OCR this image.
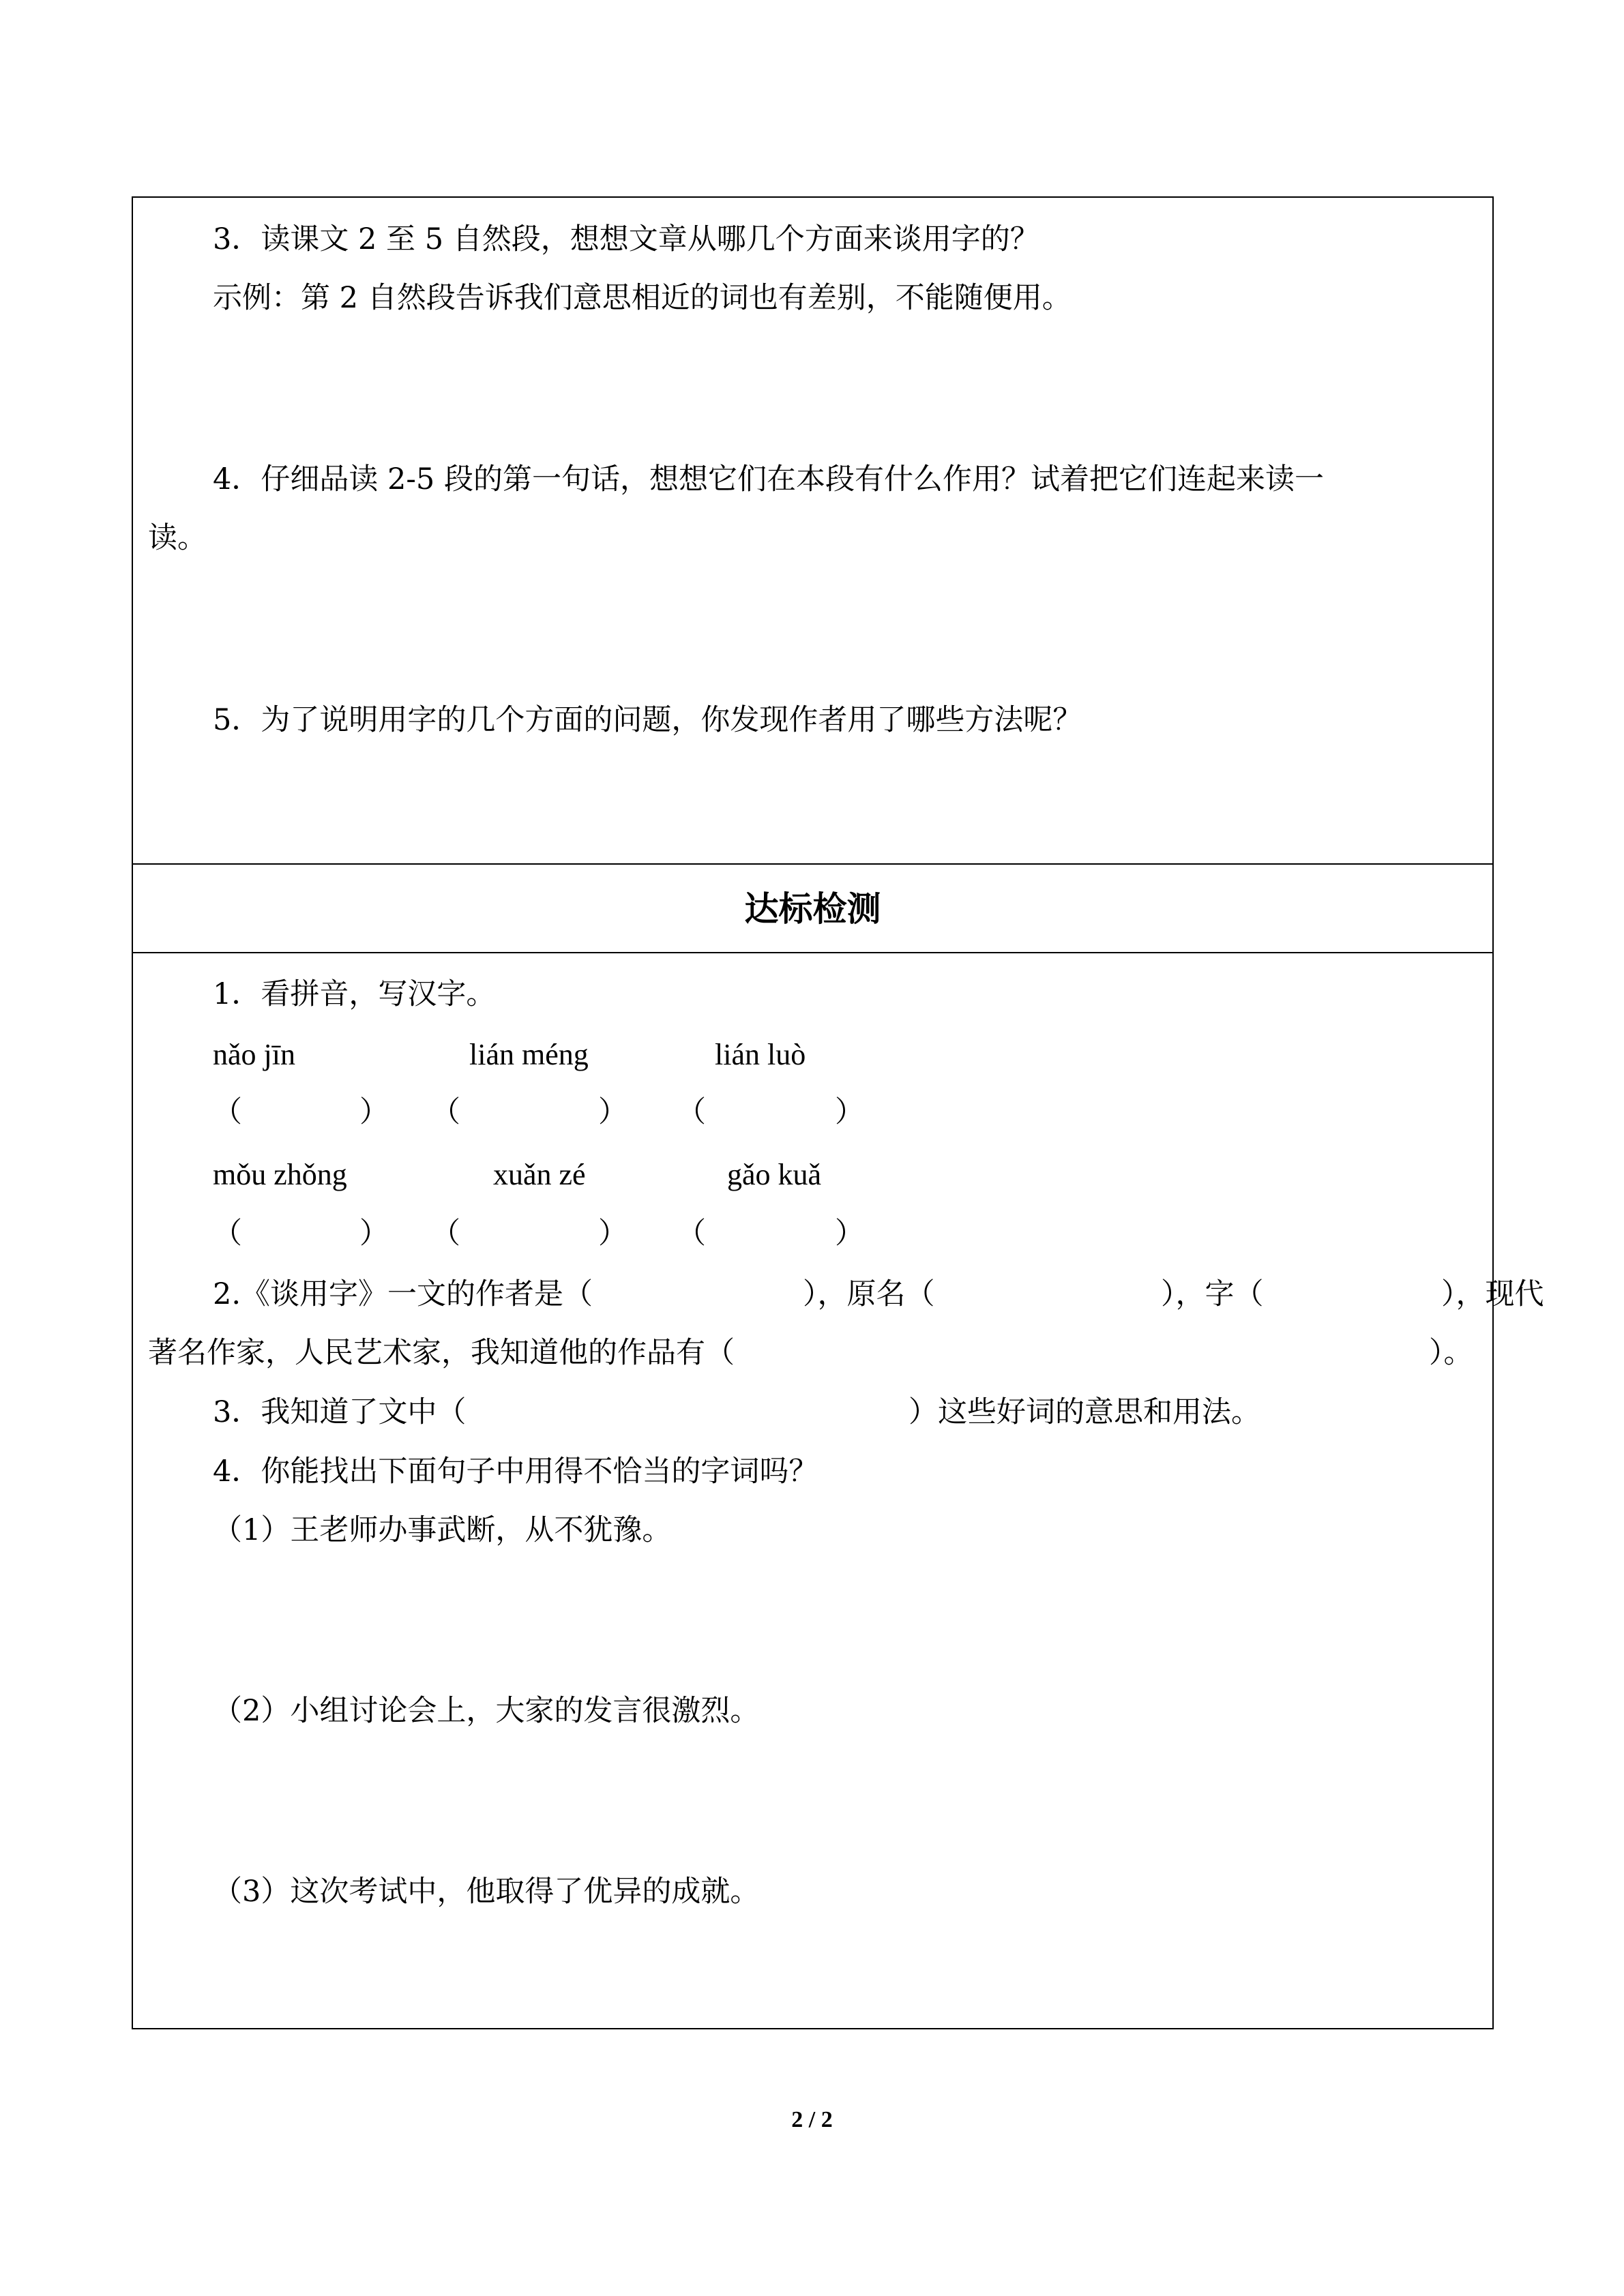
3．读课文 2 至 5 自然段，想想文章从哪几个方面来谈用字的？
示例：第 2 自然段告诉我们意思相近的词也有差别，不能随便用。
4．仔细品读 2-5 段的第一句话，想想它们在本段有什么作用？试着把它们连起来读一
读。
5．为了说明用字的几个方面的问题，你发现作者用了哪些方法呢？
达标检测
1．看拼音，写汉字。
nǎo jīn	lián méng	lián luò
（	） （	） （	）
mǒu zhǒng	xuǎn zé	gǎo kuǎ
（	） （	） （	）
2.《谈用字》一文的作者是（	），原名（	），字（	），现代
著名作家，人民艺术家，我知道他的作品有（	）。
3．我知道了文中（	）这些好词的意思和用法。
4．你能找出下面句子中用得不恰当的字词吗？
（1）王老师办事武断，从不犹豫。
（2）小组讨论会上，大家的发言很激烈。
（3）这次考试中，他取得了优异的成就。
2 / 2
